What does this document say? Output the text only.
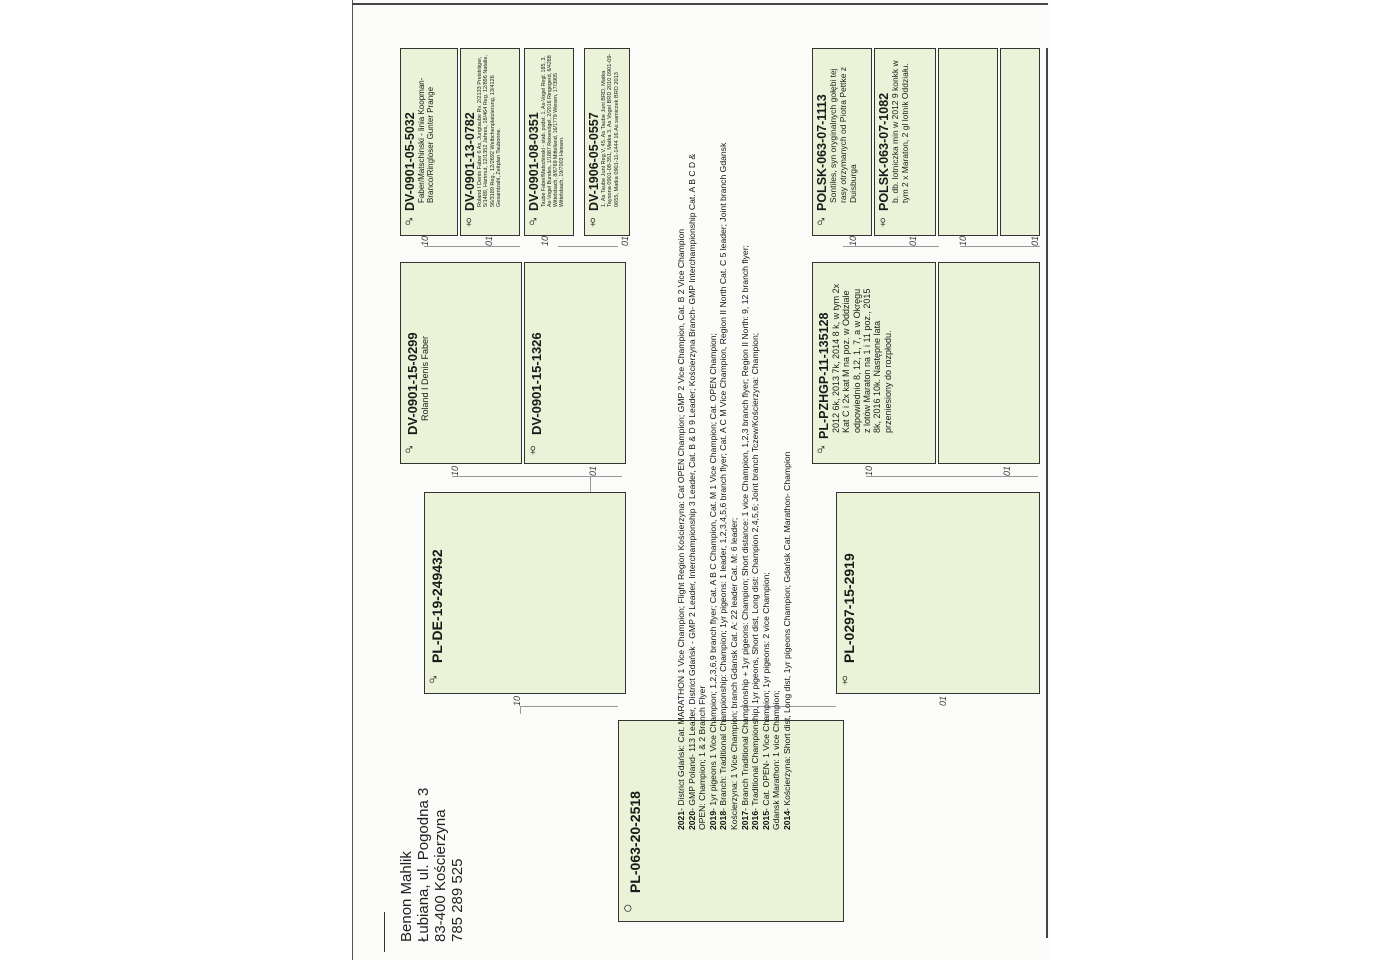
Benon Mahlik Łubiana, ul. Pogodna 3 83-400 Kościerzyna 785 289 525	○
PL-063-20-2518
♂
PL-DE-19-249432
10
♀
PL-0297-15-2919
01
♂
DV-0901-15-0299 Roland I Denis Faber
10
♀
DV-0901-15-1326
01
♂
PL-PZHGP-11-135128 2012 6k, 2013 7k, 2014 8 k, w tym 2x Kat C i 2x kat M na poz. w Oddziale odpowiednio 8, 12, 1, 7, a w Okręgu z lotów Maraton na 1 i 11 poz., 2015 8k, 2016 10k. Następne lata przeniesiony do rozpłodu.
10	01
♂
DV-0901-05-5032 Faber/Matschinski - linia Koopman-Branco/Ringloser Gunter Prange
10
♀
DV-0901-13-0782 Roland I Denis Faber 6 As, Jungtaube Rv. 2/2133 Preisträger, 5/1489, Hartmut, 12/1352 Jahres, 18/464 Reg. 12/896 Natalie, 56/3189 Reg., 12/2692 Weibchenplatzierung, 13/4126 Gesamtzahl, Zeitplan Taubonne.
01
♂
DV-0901-08-0351 Taube Faber/Matschinski - stab. podst. 1, As-Vogel Regl. 185, 3. As-Vogel Bundes, 1/1887 Reisevögel, 2/2016 Ringegerd, 6/4288 Wittelsbach, 8/6769 Mittelland, 16/1779 Wiesen, 17/3905 Wittelsbach, 19/7003 Hessen.
10
♀
DV-1906-05-0557 1. As Taube Juni Reg.V, 45. As Taube Juni BRD, Matka Taysona 0901-08-351, Matka 3. As Vogel BRD 2010 0901-09-0655, Matka 0901-11-1444 16.As samiczek BRD 2013
01
♂
POLSK-063-07-1113 Sontiles, syn oryginalnych gołębi tej rasy otrzymanych od Piotra Pettke z Duisburga
10
♀
POLSK-063-07-1082 b. db. lotniczka min w 2012 9 konkk w tym 2 x Maraton, 2 gl lotnik Oddziału.
01	10	01
2021- District Gdańsk: Cat. MARATHON 1 Vice Champion; Flight Region Kościerzyna: Cat OPEN Champion; GMP 2 Vice Champion, Cat. B 2 Vice Champion
2020- GMP Poland- 113 Leader, District Gdańsk - GMP 2 Leader, Interchampionship 3 Leader, Cat. B & D 9 Leader; Kościerzyna Branch- GMP Interchampionship Cat. A B C D & OPEN: Champion; 1 & 2 Branch Flyer 2019- 1yr pigeons 1 Vice Champion; 1,2,3,6,9 branch flyer; Cat. A B C Champion, Cat. M 1 Vice Champion; Cat. OPEN Champion;
2018- Branch: Traditional Championship: Champion; 1yr pigeons: 1 leader, 1,2,3,4,5,6 branch flyer; Cat. A C M Vice Champion, Region II North Cat. C 5 leader; Joint branch Gdansk Kościerzyna: 1 Vice Champion; branch Gdansk Cat. A: 22 leader Cat. M: 6 leader; 2017- Branch Traditional Championship + 1yr pigeons: Champion; Short distance: 1 vice Champion, 1,2,3 branch flyer; Region II North: 9, 12 branch flyer;
2016- Traditional Championship, 1yr pigeons, Short dist, Long dist: Champion 2,4,5,6; Joint branch Tczew/Kościerzyna: Champion;
2015- Cat. OPEN- 1 Vice Champion; 1yr pigeons: 2 vice Champion; Gdansk Marathon: 1 vice Champion; 2014- Kościerzyna: Short dist, Long dist, 1yr pigeons Champion; Gdańsk Cat. Marathon- Champion
